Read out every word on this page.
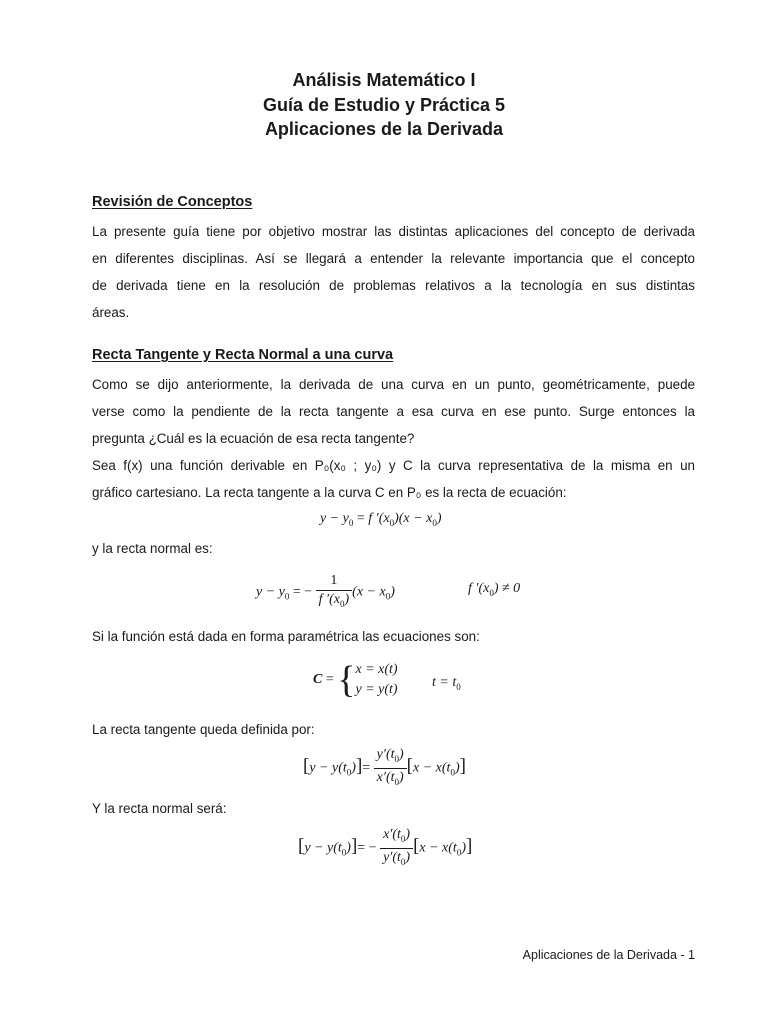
Análisis Matemático I
Guía de Estudio y Práctica 5
Aplicaciones de la Derivada
Revisión de Conceptos
La presente guía tiene por objetivo mostrar las distintas aplicaciones del concepto de derivada
en diferentes disciplinas. Así se llegará a entender la relevante importancia que el concepto
de derivada tiene en la resolución de problemas relativos a la tecnología en sus distintas
áreas.
Recta Tangente y Recta Normal a una curva
Como se dijo anteriormente, la derivada de una curva en un punto, geométricamente, puede
verse como la pendiente de la recta tangente a esa curva en ese punto. Surge entonces la
pregunta ¿Cuál es la ecuación de esa recta tangente?
Sea f(x) una función derivable en P₀(x₀ ; y₀) y C la curva representativa de la misma en un
gráfico cartesiano. La recta tangente a la curva C en P₀ es la recta de ecuación:
$y - y_0 = f$ $'(x_0)(x - x_0)$
y la recta normal es:
$y - y_0$ = − $\frac{1}{f '(x_0)} (x - x_0)$	f $'(x_0) \ne 0$
Si la función está dada en forma paramétrica las ecuaciones son:
C = { x = x(t)
y = y(t) $t = t_0$
La recta tangente queda definida por:
$[y - y(t_0)]= \frac{y'(t_0)}{x'(t_0)} [x - x(t_0)]$
Y la recta normal será:
$[y - y(t_0)]= - \frac{x'(t_0)}{y'(t_0)} [x - x(t_0)]$
Aplicaciones de la Derivada - 1
